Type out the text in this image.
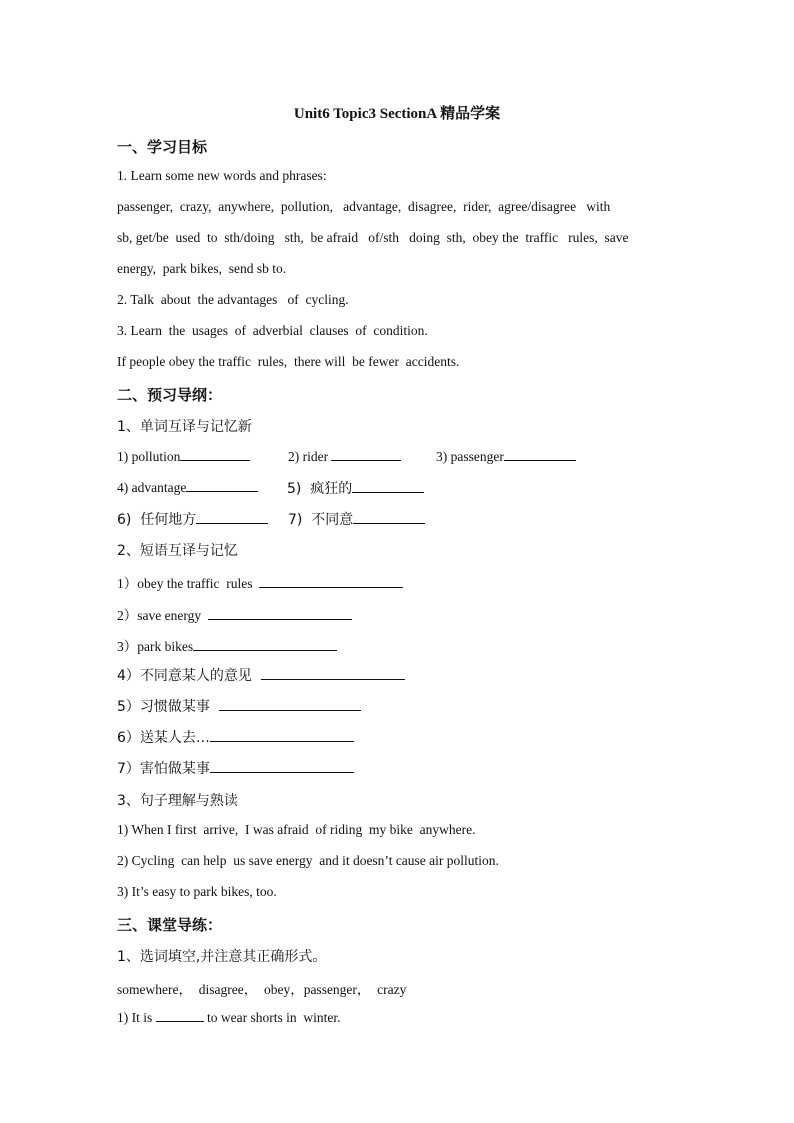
Unit6 Topic3 SectionA 精品学案
一、学习目标
1. Learn some new words and phrases:
passenger,  crazy,  anywhere,  pollution,   advantage,  disagree,  rider,  agree/disagree   with
sb, get/be  used  to  sth/doing   sth,  be afraid   of/sth   doing  sth,  obey the  traffic   rules,  save
energy,  park bikes,  send sb to.
2. Talk  about  the advantages   of  cycling.
3. Learn  the  usages  of  adverbial  clauses  of  condition.
If people obey the traffic  rules,  there will  be fewer  accidents.
二、预习导纲：
1、单词互译与记忆新
1) pollution	2) rider	3) passenger
4) advantage	5)  疯狂的
6)  任何地方	7)  不同意
2、短语互译与记忆
1）obey the traffic  rules
2）save energy
3）park bikes
4）不同意某人的意见
5）习惯做某事
6）送某人去…
7）害怕做某事
3、句子理解与熟读
1) When I first  arrive,  I was afraid  of riding  my bike  anywhere.
2) Cycling  can help  us save energy  and it doesn’t cause air pollution.
3) It’s easy to park bikes, too.
三、课堂导练：
1、选词填空,并注意其正确形式。
somewhere，  disagree，  obey，passenger，  crazy
1) It is	to wear shorts in  winter.
